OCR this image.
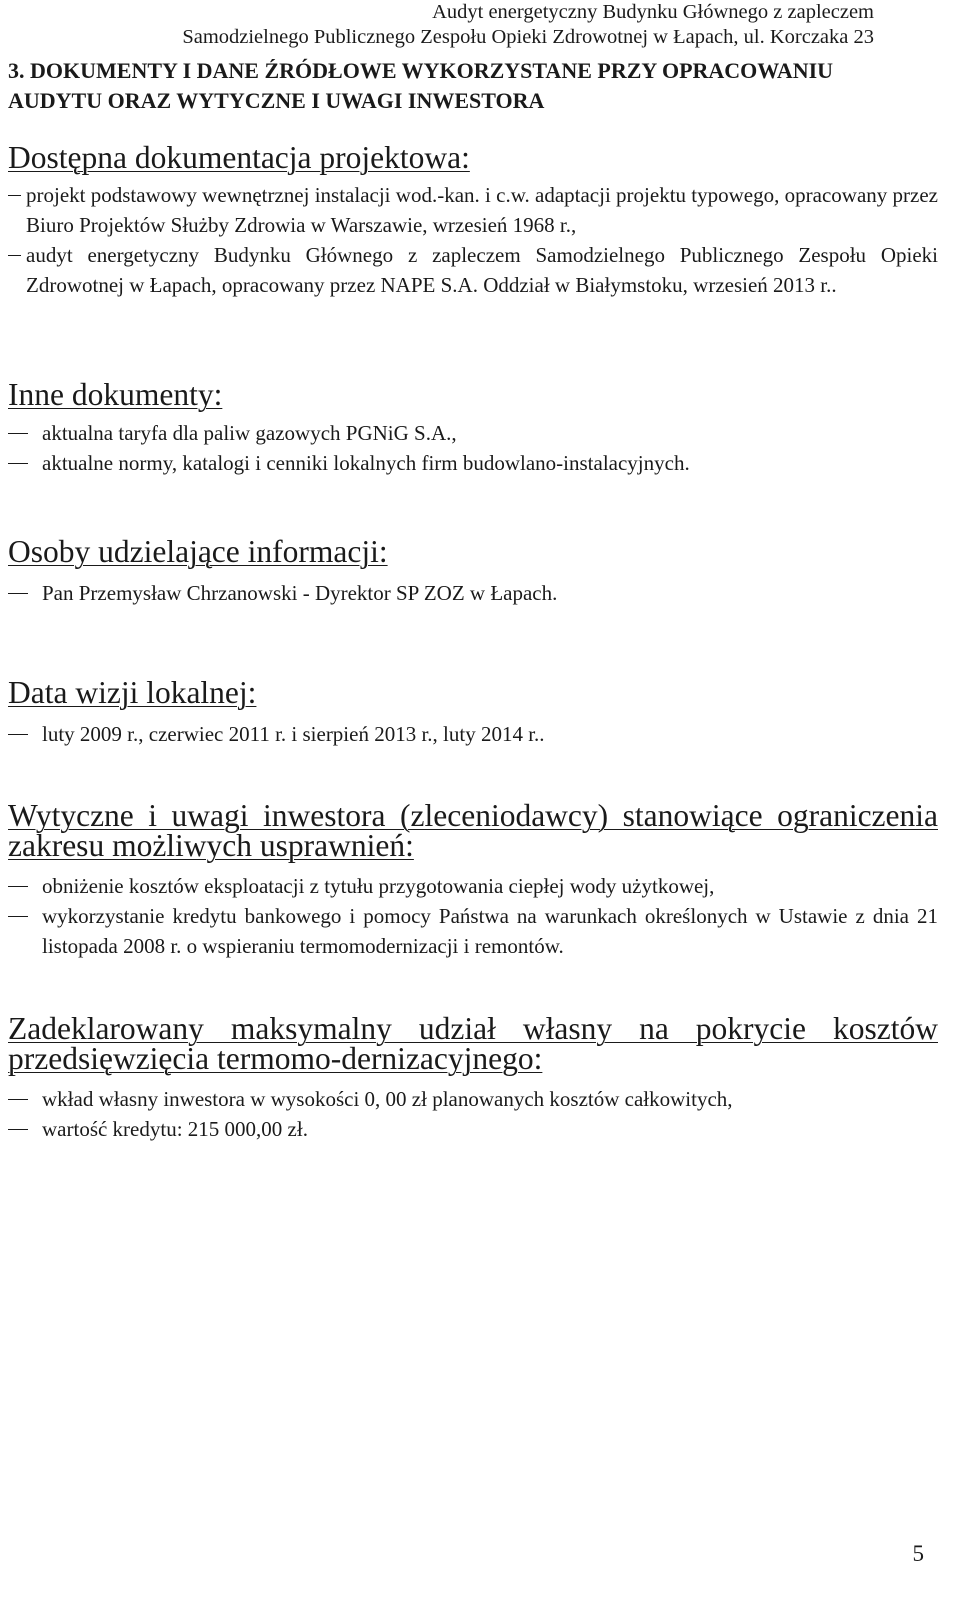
Audyt energetyczny Budynku Głównego z zapleczem
Samodzielnego Publicznego Zespołu Opieki Zdrowotnej w Łapach, ul. Korczaka 23
3. DOKUMENTY I DANE ŹRÓDŁOWE WYKORZYSTANE PRZY OPRACOWANIU AUDYTU ORAZ WYTYCZNE I UWAGI INWESTORA
Dostępna dokumentacja projektowa:
projekt podstawowy wewnętrznej instalacji wod.-kan. i c.w. adaptacji projektu typowego, opracowany przez Biuro Projektów Służby Zdrowia w Warszawie, wrzesień 1968 r.,
audyt energetyczny Budynku Głównego z zapleczem Samodzielnego Publicznego Zespołu Opieki Zdrowotnej w Łapach, opracowany przez NAPE S.A. Oddział w Białymstoku, wrzesień 2013 r..
Inne dokumenty:
aktualna taryfa dla paliw gazowych PGNiG S.A.,
aktualne normy, katalogi i cenniki lokalnych firm budowlano-instalacyjnych.
Osoby udzielające informacji:
Pan Przemysław Chrzanowski - Dyrektor SP ZOZ w Łapach.
Data wizji lokalnej:
luty 2009 r., czerwiec 2011 r. i sierpień 2013 r., luty 2014 r..
Wytyczne i uwagi inwestora (zleceniodawcy) stanowiące ograniczenia zakresu możliwych usprawnień:
obniżenie kosztów eksploatacji z tytułu przygotowania ciepłej wody użytkowej,
wykorzystanie kredytu bankowego i pomocy Państwa na warunkach określonych w Ustawie z dnia 21 listopada 2008 r. o wspieraniu termomodernizacji i remontów.
Zadeklarowany maksymalny udział własny na pokrycie kosztów przedsięwzięcia termomo-dernizacyjnego:
wkład własny inwestora w wysokości 0, 00 zł planowanych kosztów całkowitych,
wartość kredytu: 215 000,00 zł.
5
